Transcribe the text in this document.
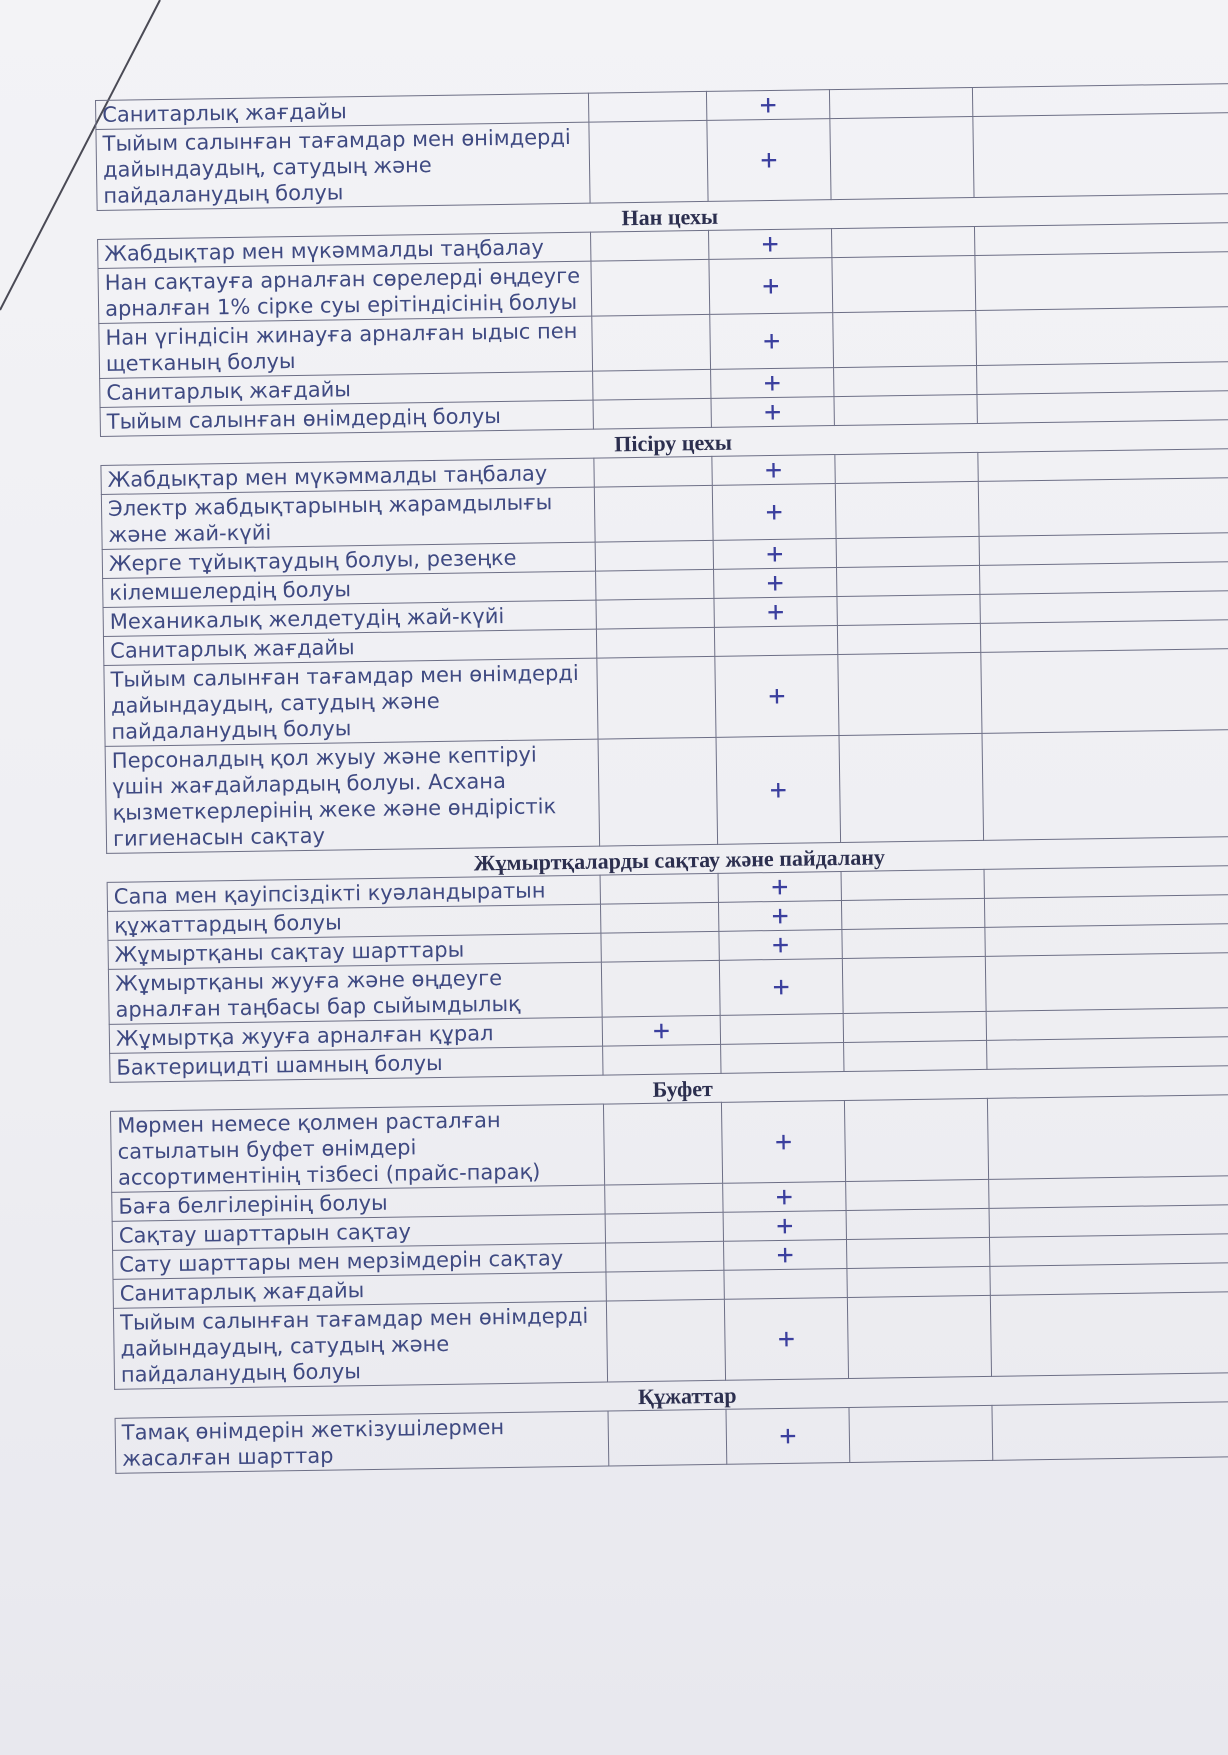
Санитарлық жағдайы		+		
Тыйым салынған тағамдар мен өнімдерді дайындаудың, сатудың және пайдаланудың болуы		+		
Нан цехы				
Жабдықтар мен мүкәммалды таңбалау		+		
Нан сақтауға арналған сөрелерді өңдеуге арналған 1% сірке суы ерітіндісінің болуы		+		
Нан үгіндісін жинауға арналған ыдыс пен щетканың болуы		+		
Санитарлық жағдайы		+		
Тыйым салынған өнімдердің болуы		+		
Пісіру цехы				
Жабдықтар мен мүкәммалды таңбалау		+		
Электр жабдықтарының жарамдылығы және жай-күйі		+		
Жерге тұйықтаудың болуы, резеңке		+		
кілемшелердің болуы		+		
Механикалық желдетудің жай-күйі		+		
Санитарлық жағдайы				
Тыйым салынған тағамдар мен өнімдерді дайындаудың, сатудың және пайдаланудың болуы		+		
Персоналдың қол жуыу және кептіруі үшін жағдайлардың болуы. Асхана қызметкерлерінің жеке және өндірістік гигиенасын сақтау		+		
Жұмыртқаларды сақтау және пайдалану				
Сапа мен қауіпсіздікті куәландыратын		+		
құжаттардың болуы		+		
Жұмыртқаны сақтау шарттары		+		
Жұмыртқаны жууға және өңдеуге арналған таңбасы бар сыйымдылық		+		
Жұмыртқа жууға арналған құрал	+			
Бактерицидті шамның болуы				
Буфет				
Мөрмен немесе қолмен расталған сатылатын буфет өнімдері ассортиментінің тізбесі (прайс-парақ)		+		
Баға белгілерінің болуы		+		
Сақтау шарттарын сақтау		+		
Сату шарттары мен мерзімдерін сақтау		+		
Санитарлық жағдайы				
Тыйым салынған тағамдар мен өнімдерді дайындаудың, сатудың және пайдаланудың болуы		+		
Құжаттар				
Тамақ өнімдерін жеткізушілермен жасалған шарттар		+		
